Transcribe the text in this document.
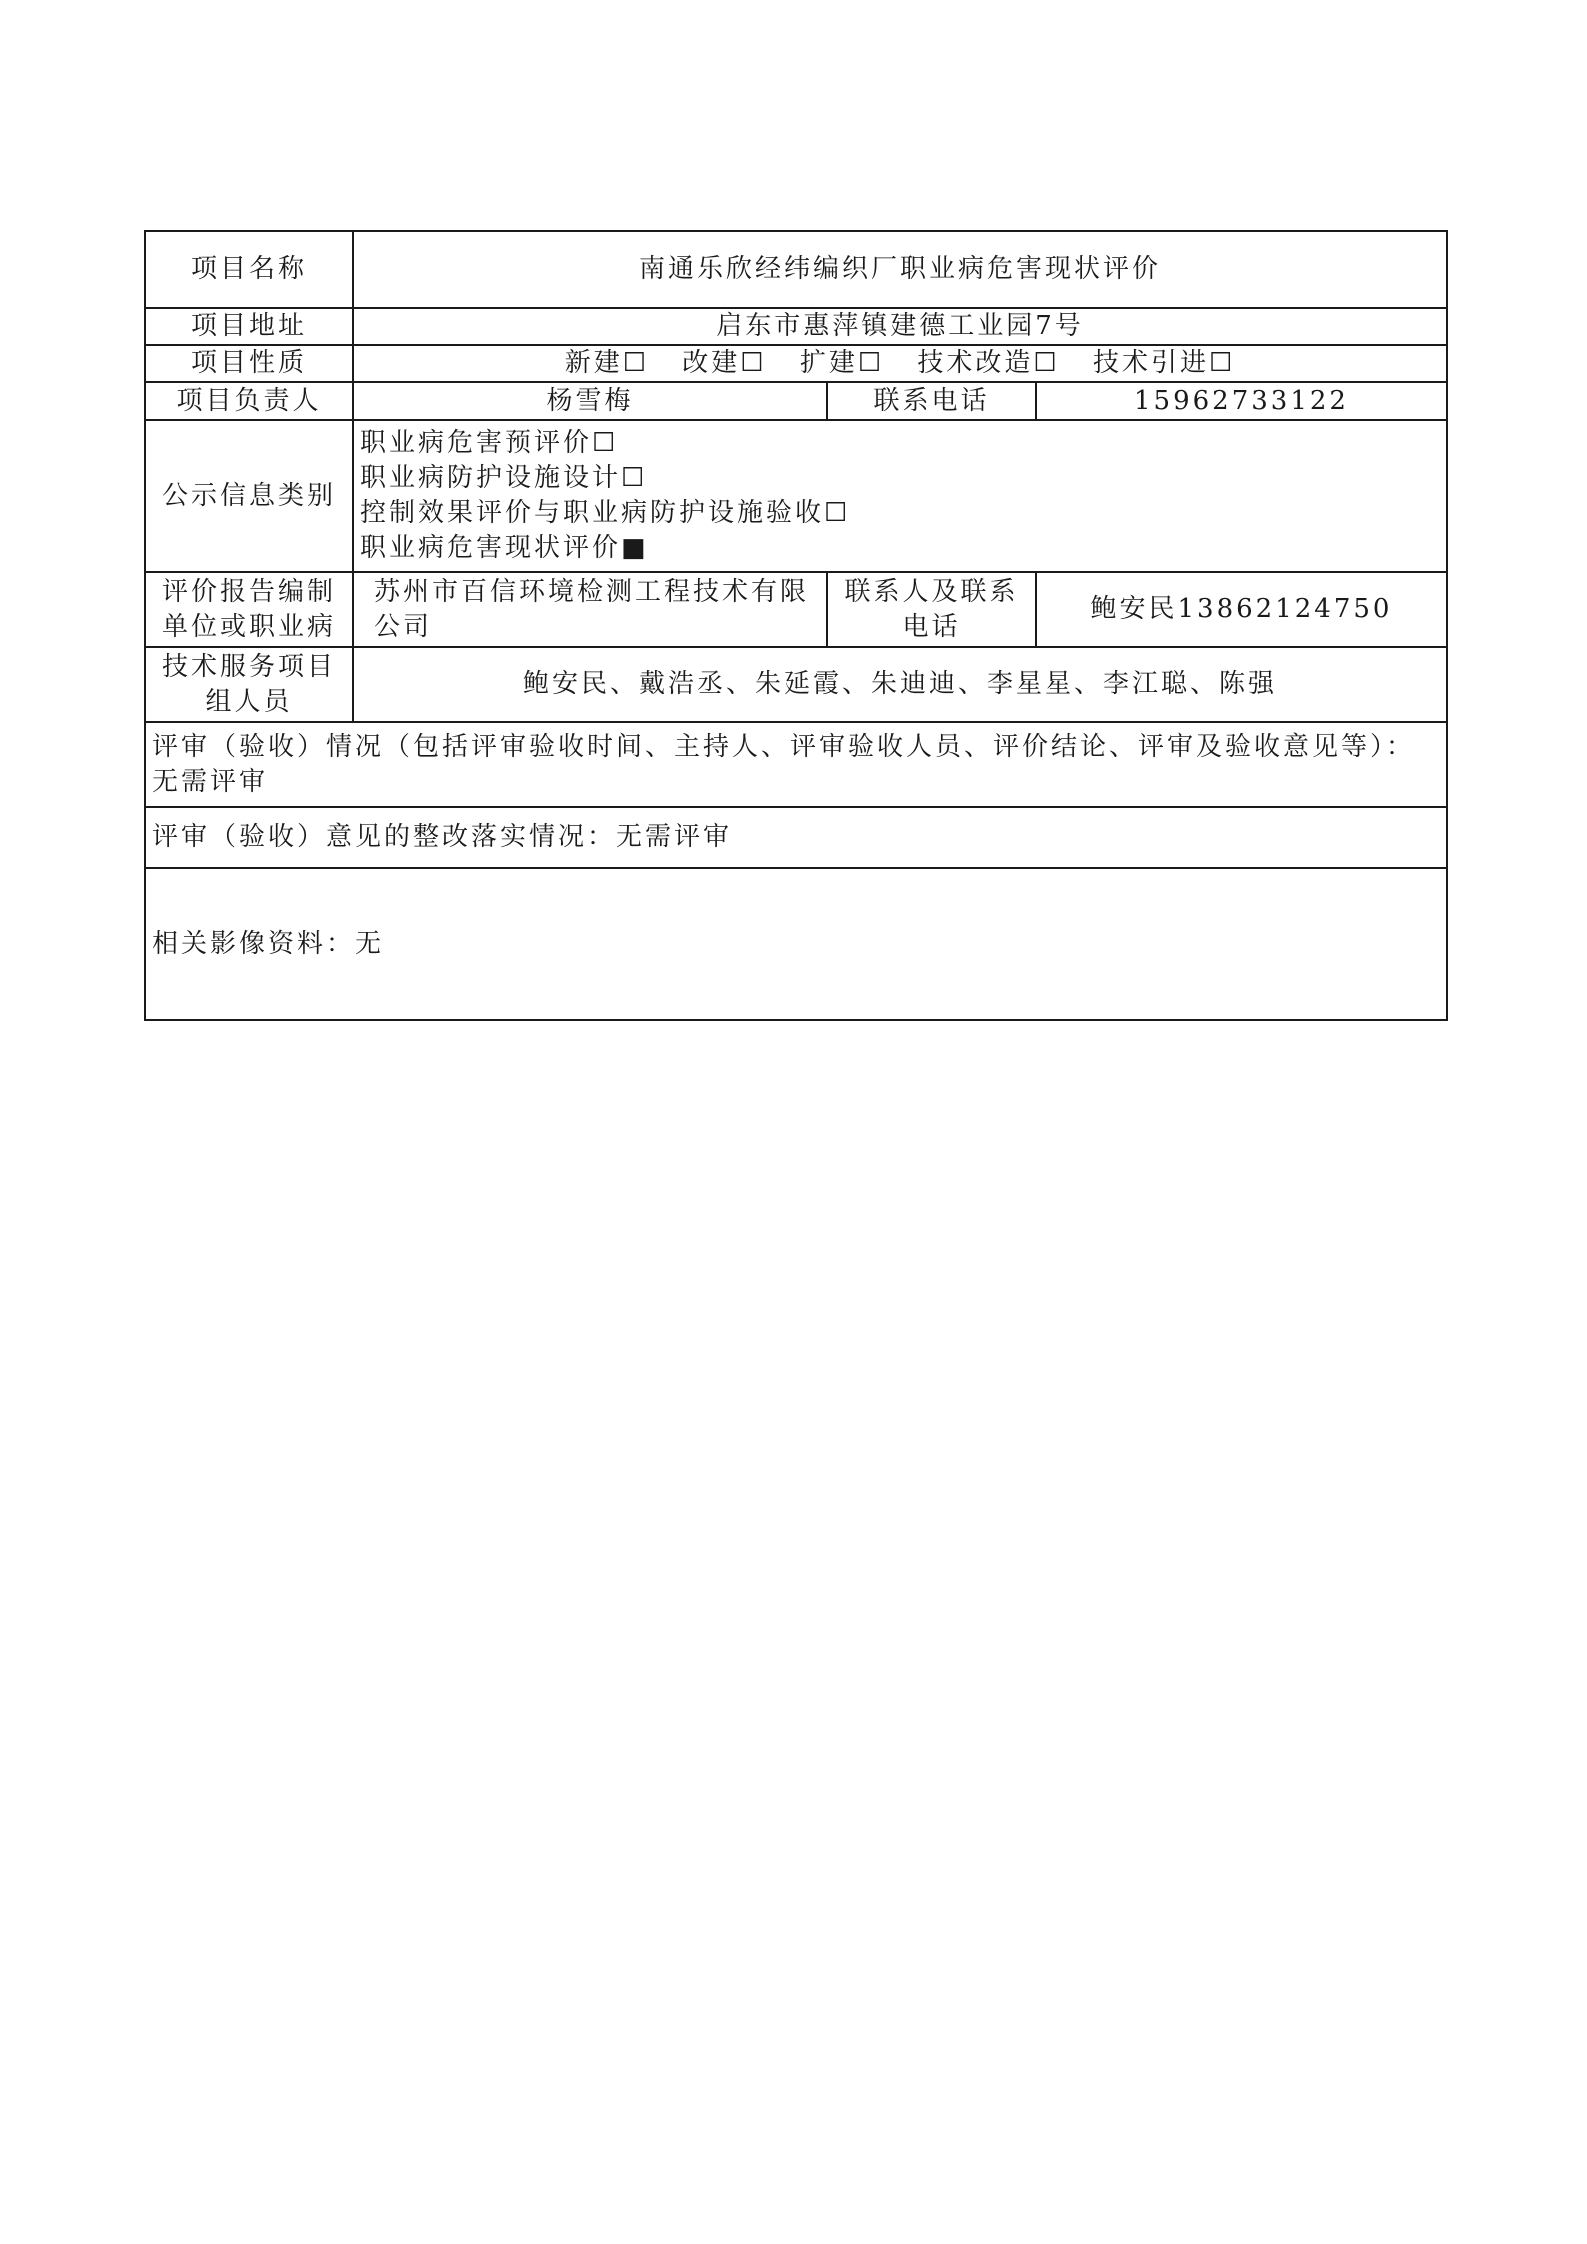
项目名称	南通乐欣经纬编织厂职业病危害现状评价		
项目地址	启东市惠萍镇建德工业园7号		
项目性质	新建☐ 改建☐ 扩建☐ 技术改造☐ 技术引进☐		
项目负责人	杨雪梅	联系电话	15962733122
公示信息类别	职业病危害预评价☐
职业病防护设施设计☐
控制效果评价与职业病防护设施验收☐
职业病危害现状评价■		

评价报告编制单位或职业病	苏州市百信环境检测工程技术有限公司	联系人及联系电话	鲍安民13862124750
技术服务项目组人员	鲍安民、戴浩丞、朱延霞、朱迪迪、李星星、李江聪、陈强		
评审（验收）情况（包括评审验收时间、主持人、评审验收人员、评价结论、评审及验收意见等）：无需评审			
评审（验收）意见的整改落实情况：无需评审			
相关影像资料：无			
